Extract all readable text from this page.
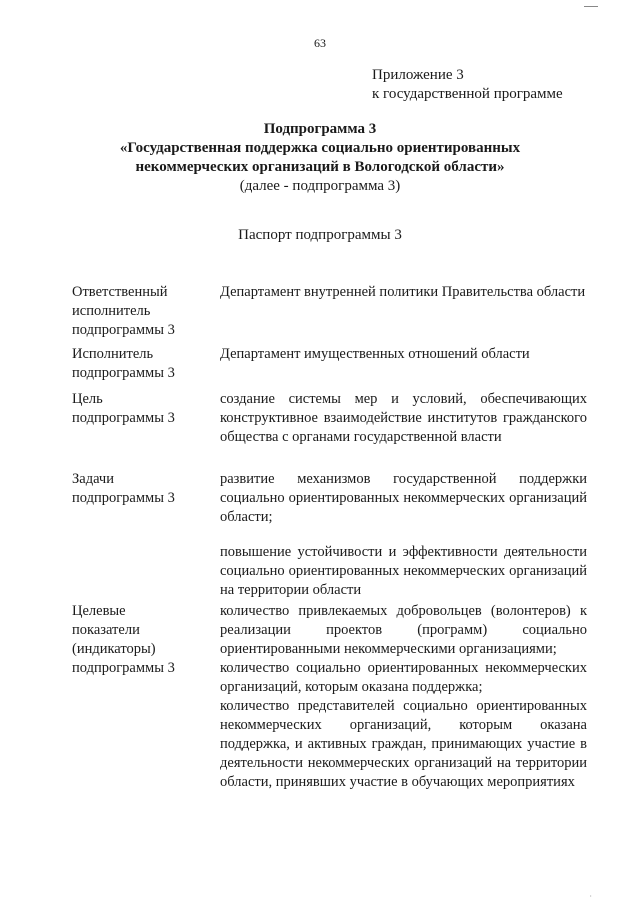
63
Приложение 3
к государственной программе
Подпрограмма 3
«Государственная поддержка социально ориентированных
некоммерческих организаций в Вологодской области»
(далее - подпрограмма 3)
Паспорт подпрограммы 3
Ответственный исполнитель подпрограммы 3

Департамент внутренней политики Правительства области

Исполнитель подпрограммы 3

Департамент имущественных отношений области

Цель подпрограммы 3

создание системы мер и условий, обеспечивающих конструктивное взаимодействие институтов гражданского общества с органами государственной власти

Задачи подпрограммы 3

развитие механизмов государственной поддержки социально ориентированных некоммерческих организаций области;

повышение устойчивости и эффективности деятельности социально ориентированных некоммерческих организаций на территории области

Целевые показатели (индикаторы) подпрограммы 3

количество привлекаемых добровольцев (волонтеров) к реализации проектов (программ) социально ориентированными некоммерческими организациями;

количество социально ориентированных некоммерческих организаций, которым оказана поддержка;

количество представителей социально ориентированных некоммерческих организаций, которым оказана поддержка, и активных граждан, принимающих участие в деятельности некоммерческих организаций на территории области, принявших участие в обучающих мероприятиях

·
